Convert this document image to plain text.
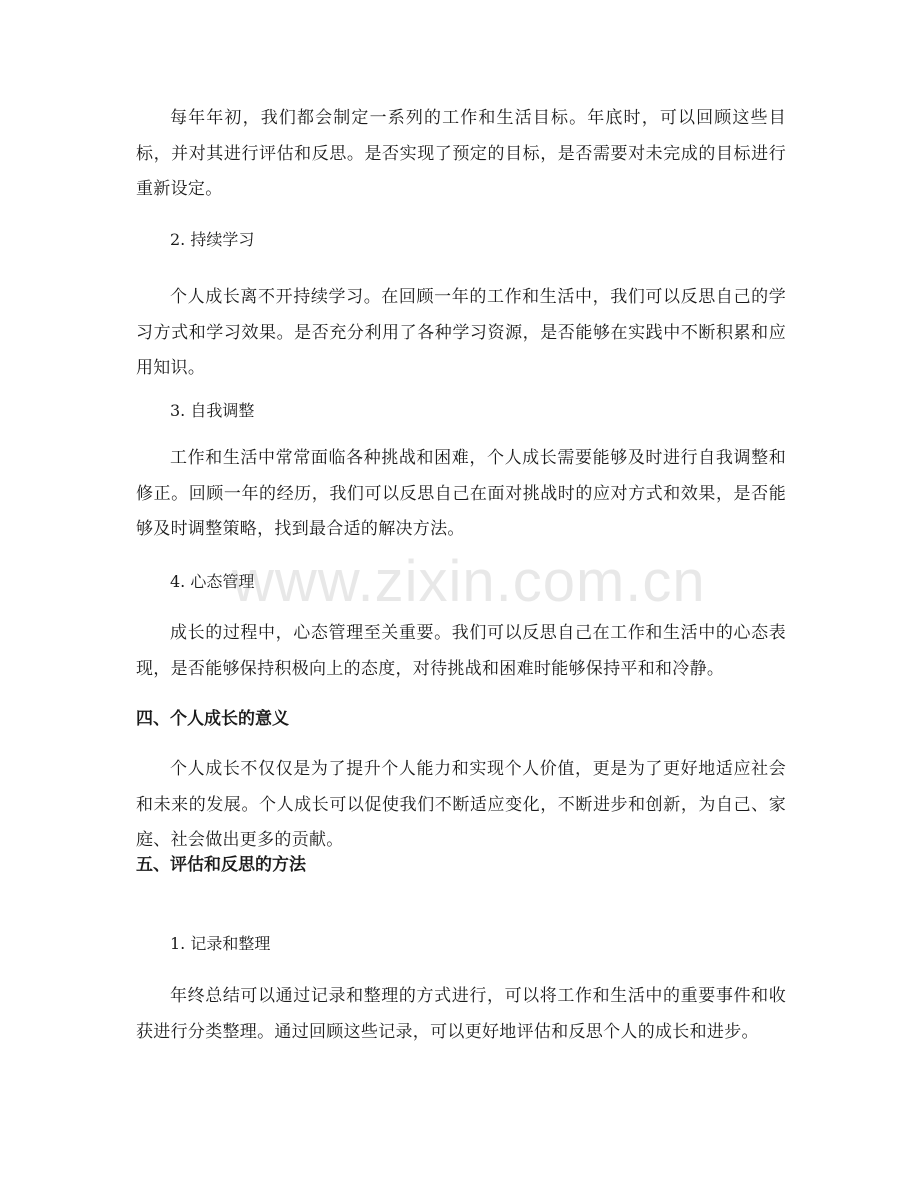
每年年初，我们都会制定一系列的工作和生活目标。年底时，可以回顾这些目标，并对其进行评估和反思。是否实现了预定的目标，是否需要对未完成的目标进行重新设定。

2. 持续学习

个人成长离不开持续学习。在回顾一年的工作和生活中，我们可以反思自己的学习方式和学习效果。是否充分利用了各种学习资源，是否能够在实践中不断积累和应用知识。

3. 自我调整

工作和生活中常常面临各种挑战和困难，个人成长需要能够及时进行自我调整和修正。回顾一年的经历，我们可以反思自己在面对挑战时的应对方式和效果，是否能够及时调整策略，找到最合适的解决方法。

4. 心态管理

成长的过程中，心态管理至关重要。我们可以反思自己在工作和生活中的心态表现，是否能够保持积极向上的态度，对待挑战和困难时能够保持平和和冷静。

四、个人成长的意义

个人成长不仅仅是为了提升个人能力和实现个人价值，更是为了更好地适应社会和未来的发展。个人成长可以促使我们不断适应变化，不断进步和创新，为自己、家庭、社会做出更多的贡献。

五、评估和反思的方法

1. 记录和整理

年终总结可以通过记录和整理的方式进行，可以将工作和生活中的重要事件和收获进行分类整理。通过回顾这些记录，可以更好地评估和反思个人的成长和进步。

www.zixin.com.cn
